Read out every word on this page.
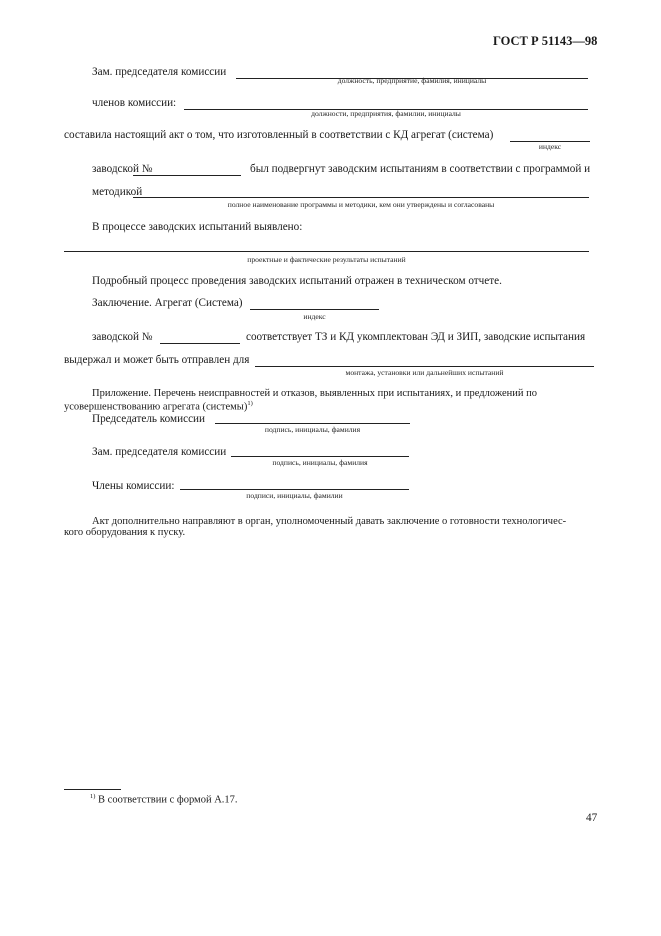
ГОСТ Р 51143—98
Зам. председателя комиссии
должность, предприятие, фамилия, инициалы
членов комиссии:
должности, предприятия, фамилии, инициалы
составила настоящий акт о том, что изготовленный в соответствии с КД агрегат (система)
индекс
заводской №	был подвергнут заводским испытаниям в соответствии с программой и
методикой
полное наименование программы и методики, кем они утверждены и согласованы
В процессе заводских испытаний выявлено:
проектные и фактические результаты испытаний
Подробный процесс проведения заводских испытаний отражен в техническом отчете.
Заключение. Агрегат (Система)
индекс
заводской №	соответствует ТЗ и КД укомплектован ЭД и ЗИП, заводские испытания
выдержал и может быть отправлен для
монтажа, установки или дальнейших испытаний
Приложение. Перечень неисправностей и отказов, выявленных при испытаниях, и предложений по
усовершенствованию агрегата (системы)$^{1)}$
Председатель комиссии
подпись, инициалы, фамилия
Зам. председателя комиссии
подпись, инициалы, фамилия
Члены комиссии:
подписи, инициалы, фамилии
Акт дополнительно направляют в орган, уполномоченный давать заключение о готовности технологичес-
кого оборудования к пуску.
$^{1)}$ В соответствии с формой А.17.
47
